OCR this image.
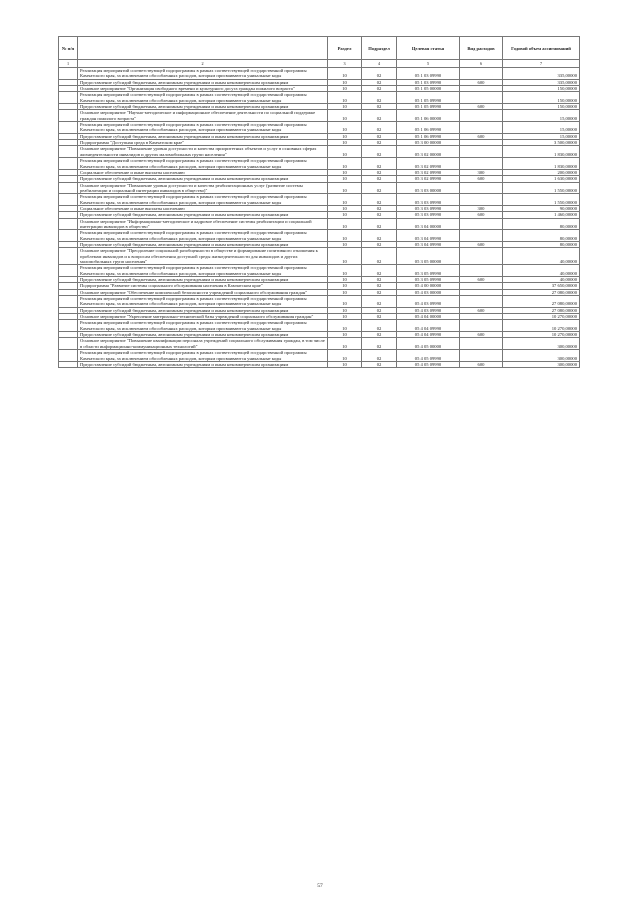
№ п/п		Раздел	Подраздел	Целевая статья	Вид расходов	Годовой объем ассигнований
1	2	3	4	5	6	7
	Реализация мероприятий соответствующей подпрограммы в рамках соответствующей государственной программы Камчатского края, за исключением обособленных расходов, которым присваиваются уникальные коды	10	02	05 1 03 09990		335,00000
	Предоставление субсидий бюджетным, автономным учреждениям и иным некоммерческим организациям	10	02	05 1 03 09990	600	335,00000
	Основное мероприятие "Организация свободного времени и культурного досуга граждан пожилого возраста"	10	02	05 1 05 00000		150,00000
	Реализация мероприятий соответствующей подпрограммы в рамках соответствующей государственной программы Камчатского края, за исключением обособленных расходов, которым присваиваются уникальные коды	10	02	05 1 05 09990		150,00000
	Предоставление субсидий бюджетным, автономным учреждениям и иным некоммерческим организациям	10	02	05 1 05 09990	600	150,00000
	Основное мероприятие "Научно-методическое и информационное обеспечение деятельности по социальной поддержке граждан пожилого возраста"	10	02	05 1 06 00000		15,00000
	Реализация мероприятий соответствующей подпрограммы в рамках соответствующей государственной программы Камчатского края, за исключением обособленных расходов, которым присваиваются уникальные коды	10	02	05 1 06 09990		15,00000
	Предоставление субсидий бюджетным, автономным учреждениям и иным некоммерческим организациям	10	02	05 1 06 09990	600	15,00000
	Подпрограмма "Доступная среда в Камчатском крае"	10	02	05 3 00 00000		3 500,00000
	Основное мероприятие "Повышение уровня доступности и качества приоритетных объектов и услуг в основных сферах жизнедеятельности инвалидов и других маломобильных групп населения"	10	02	05 3 02 00000		1 830,00000
	Реализация мероприятий соответствующей подпрограммы в рамках соответствующей государственной программы Камчатского края, за исключением обособленных расходов, которым присваиваются уникальные коды	10	02	05 3 02 09990		1 830,00000
	Социальное обеспечение и иные выплаты населению	10	02	05 3 02 09990	300	200,00000
	Предоставление субсидий бюджетным, автономным учреждениям и иным некоммерческим организациям	10	02	05 3 02 09990	600	1 630,00000
	Основное мероприятие "Повышение уровня доступности и качества реабилитационных услуг (развитие системы реабилитации и социальной интеграции инвалидов в общество)"	10	02	05 3 03 00000		1 550,00000
	Реализация мероприятий соответствующей подпрограммы в рамках соответствующей государственной программы Камчатского края, за исключением обособленных расходов, которым присваиваются уникальные коды	10	02	05 3 03 09990		1 550,00000
	Социальное обеспечение и иные выплаты населению	10	02	05 3 03 09990	300	90,00000
	Предоставление субсидий бюджетным, автономным учреждениям и иным некоммерческим организациям	10	02	05 3 03 09990	600	1 460,00000
	Основное мероприятие "Информационно-методическое и кадровое обеспечение системы реабилитации и социальной интеграции инвалидов в общество"	10	02	05 3 04 00000		80,00000
	Реализация мероприятий соответствующей подпрограммы в рамках соответствующей государственной программы Камчатского края, за исключением обособленных расходов, которым присваиваются уникальные коды	10	02	05 3 04 09990		80,00000
	Предоставление субсидий бюджетным, автономным учреждениям и иным некоммерческим организациям	10	02	05 3 04 09990	600	80,00000
	Основное мероприятие "Преодоление социальной разобщенности в обществе и формирование позитивного отношения к проблемам инвалидов и к вопросам обеспечения доступной среды жизнедеятельности для инвалидов и других маломобильных групп населения"	10	02	05 3 05 00000		40,00000
	Реализация мероприятий соответствующей подпрограммы в рамках соответствующей государственной программы Камчатского края, за исключением обособленных расходов, которым присваиваются уникальные коды	10	02	05 3 05 09990		40,00000
	Предоставление субсидий бюджетным, автономным учреждениям и иным некоммерческим организациям	10	02	05 3 05 09990	600	40,00000
	Подпрограмма "Развитие системы социального обслуживания населения в Камчатском крае"	10	02	05 4 00 00000		37 650,00000
	Основное мероприятие "Обеспечение комплексной безопасности учреждений социального обслуживания граждан"	10	02	05 4 03 00000		27 080,00000
	Реализация мероприятий соответствующей подпрограммы в рамках соответствующей государственной программы Камчатского края, за исключением обособленных расходов, которым присваиваются уникальные коды	10	02	05 4 03 09990		27 080,00000
	Предоставление субсидий бюджетным, автономным учреждениям и иным некоммерческим организациям	10	02	05 4 03 09990	600	27 080,00000
	Основное мероприятие "Укрепление материально-технической базы учреждений социального обслуживания граждан"	10	02	05 4 04 00000		10 270,00000
	Реализация мероприятий соответствующей подпрограммы в рамках соответствующей государственной программы Камчатского края, за исключением обособленных расходов, которым присваиваются уникальные коды	10	02	05 4 04 09990		10 270,00000
	Предоставление субсидий бюджетным, автономным учреждениям и иным некоммерческим организациям	10	02	05 4 04 09990	600	10 270,00000
	Основное мероприятие "Повышение квалификации персонала учреждений социального обслуживания граждан, в том числе в области информационно-коммуникационных технологий"	10	02	05 4 05 00000		300,00000
	Реализация мероприятий соответствующей подпрограммы в рамках соответствующей государственной программы Камчатского края, за исключением обособленных расходов, которым присваиваются уникальные коды	10	02	05 4 05 09990		300,00000
	Предоставление субсидий бюджетным, автономным учреждениям и иным некоммерческим организациям	10	02	05 4 05 09990	600	300,00000
57
